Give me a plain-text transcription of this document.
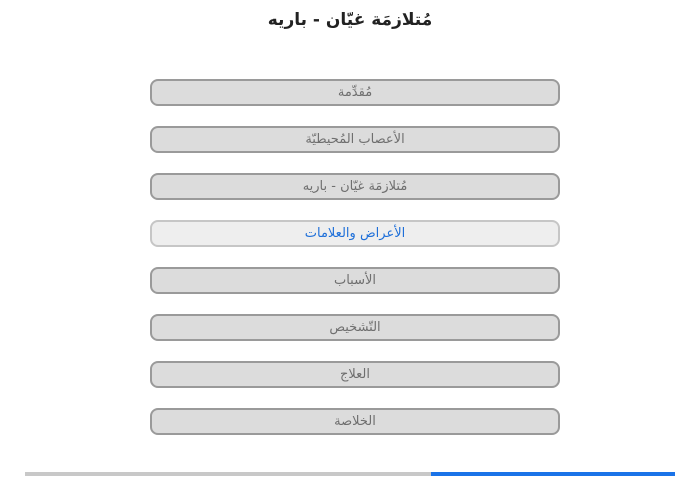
مُتلازمَة غيّان - باريه
مُقدِّمة
الأعصاب المُحيطيّة
مُتلازمَة غيّان - باريه
الأعراض والعلامات
الأسباب
التّشخيص
العلاج
الخلاصة
